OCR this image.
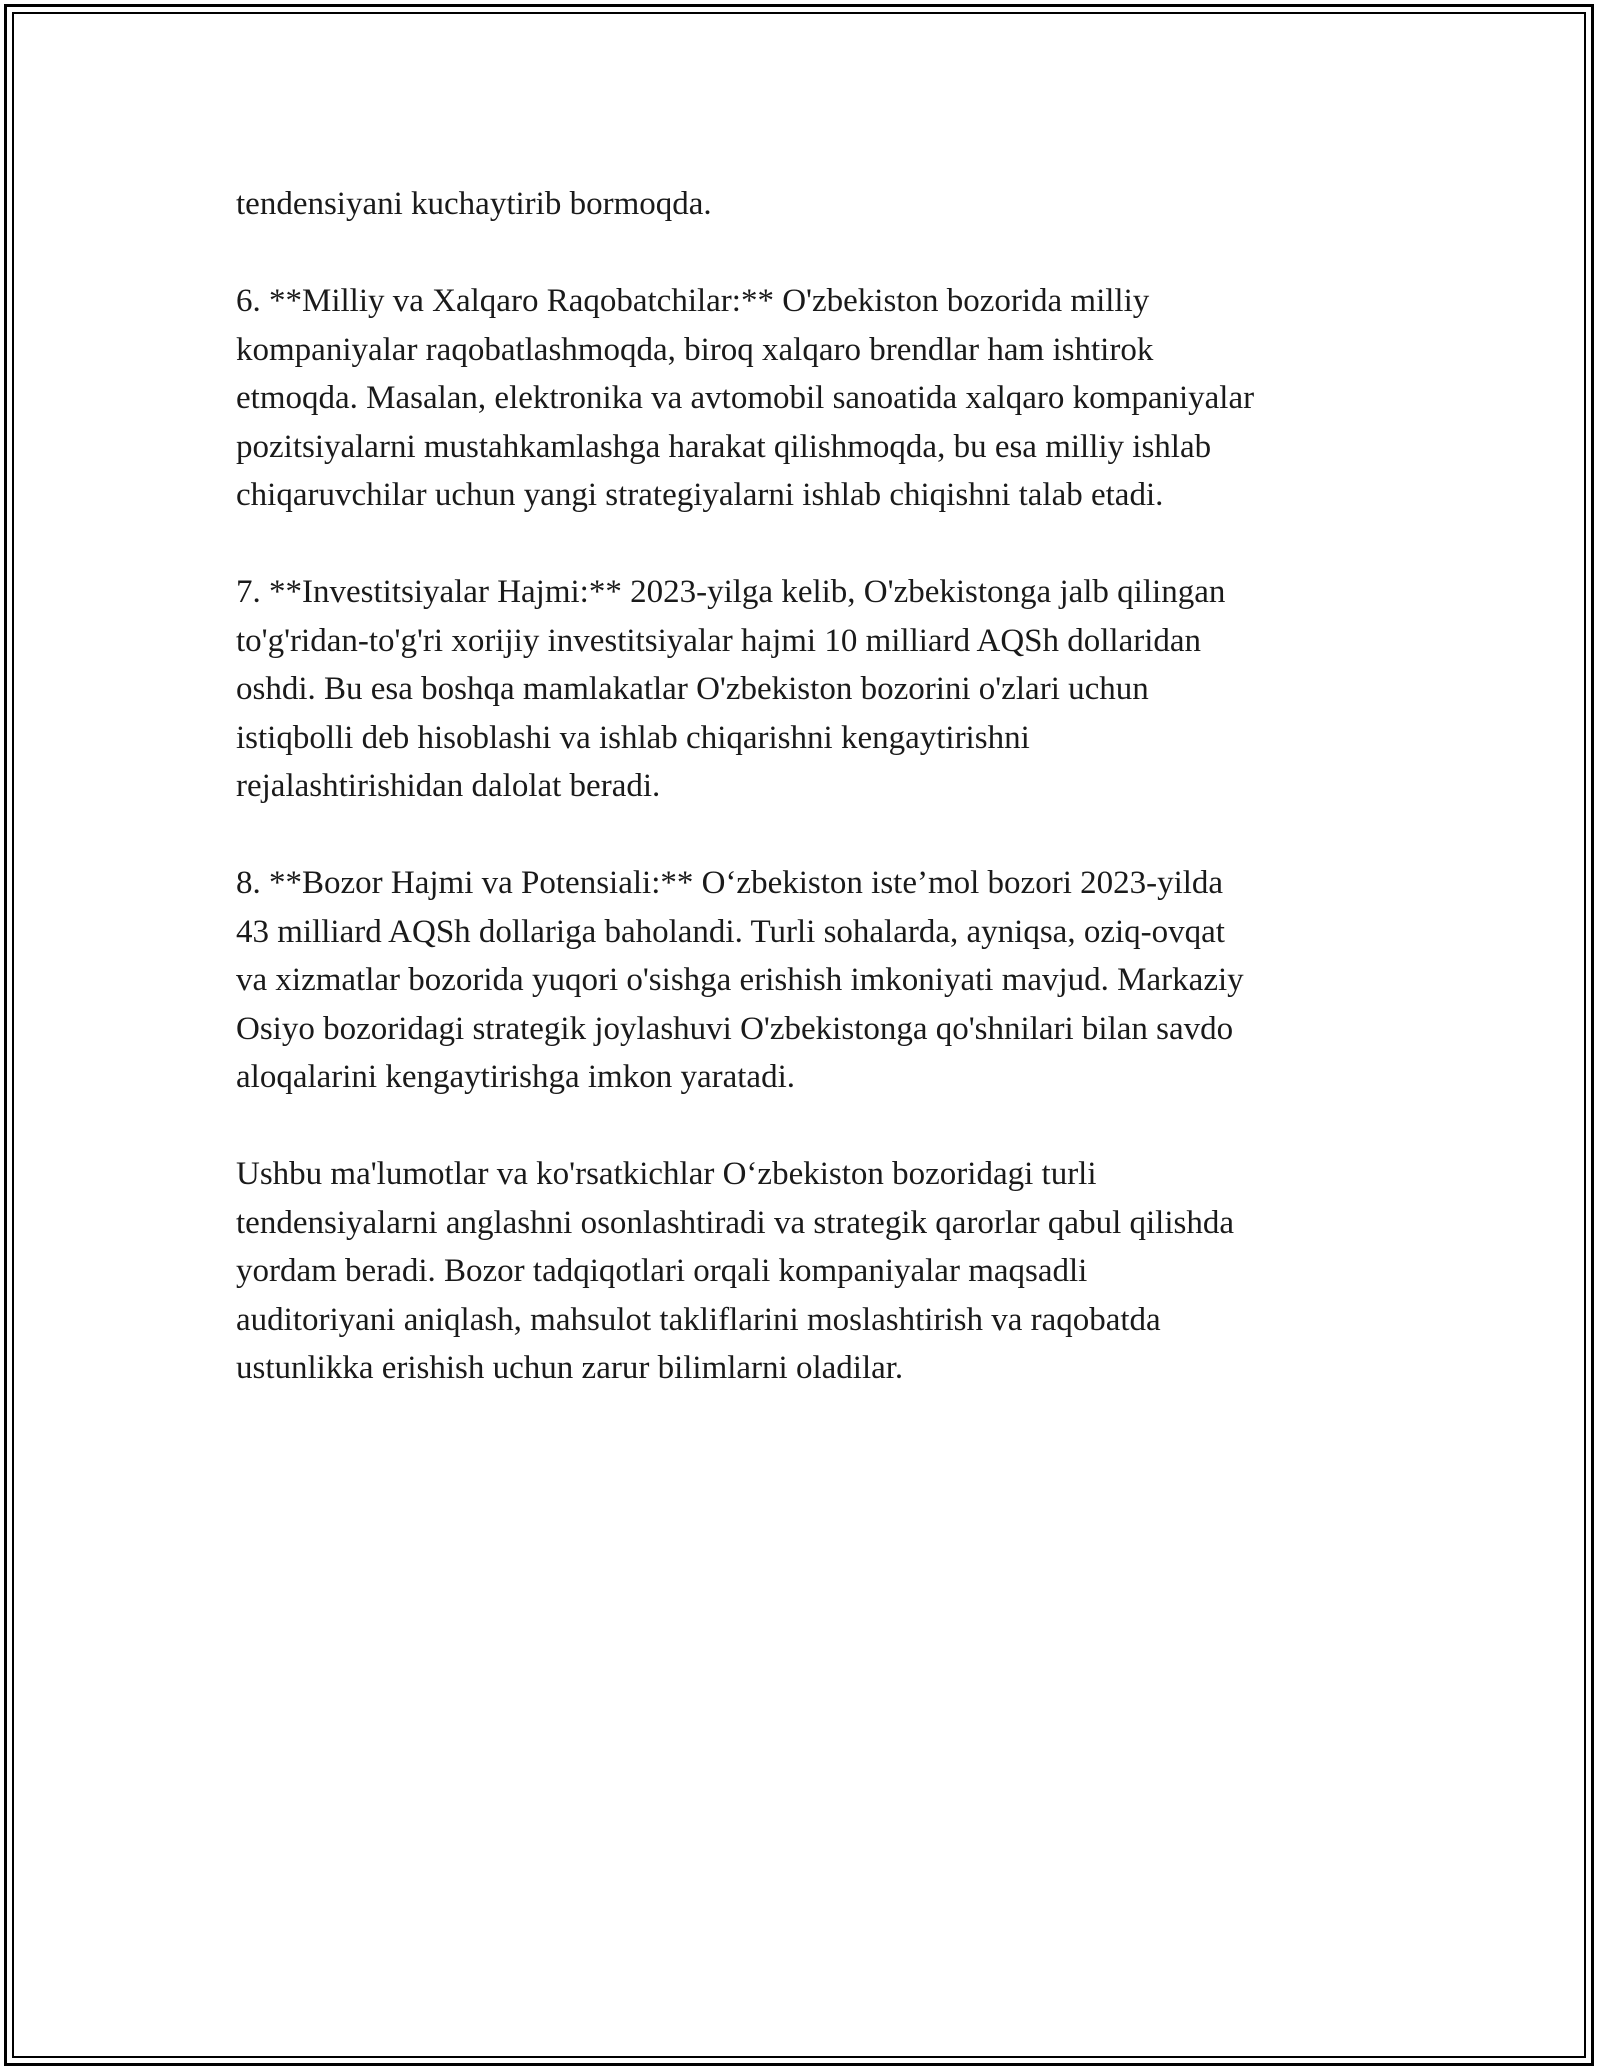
tendensiyani kuchaytirib bormoqda.

6. **Milliy va Xalqaro Raqobatchilar:** O'zbekiston bozorida milliy
kompaniyalar raqobatlashmoqda, biroq xalqaro brendlar ham ishtirok
etmoqda. Masalan, elektronika va avtomobil sanoatida xalqaro kompaniyalar
pozitsiyalarni mustahkamlashga harakat qilishmoqda, bu esa milliy ishlab
chiqaruvchilar uchun yangi strategiyalarni ishlab chiqishni talab etadi.

7. **Investitsiyalar Hajmi:** 2023-yilga kelib, O'zbekistonga jalb qilingan
to'g'ridan-to'g'ri xorijiy investitsiyalar hajmi 10 milliard AQSh dollaridan
oshdi. Bu esa boshqa mamlakatlar O'zbekiston bozorini o'zlari uchun
istiqbolli deb hisoblashi va ishlab chiqarishni kengaytirishni
rejalashtirishidan dalolat beradi.

8. **Bozor Hajmi va Potensiali:** O‘zbekiston iste’mol bozori 2023-yilda
43 milliard AQSh dollariga baholandi. Turli sohalarda, ayniqsa, oziq-ovqat
va xizmatlar bozorida yuqori o'sishga erishish imkoniyati mavjud. Markaziy
Osiyo bozoridagi strategik joylashuvi O'zbekistonga qo'shnilari bilan savdo
aloqalarini kengaytirishga imkon yaratadi.

Ushbu ma'lumotlar va ko'rsatkichlar O‘zbekiston bozoridagi turli
tendensiyalarni anglashni osonlashtiradi va strategik qarorlar qabul qilishda
yordam beradi. Bozor tadqiqotlari orqali kompaniyalar maqsadli
auditoriyani aniqlash, mahsulot takliflarini moslashtirish va raqobatda
ustunlikka erishish uchun zarur bilimlarni oladilar.
